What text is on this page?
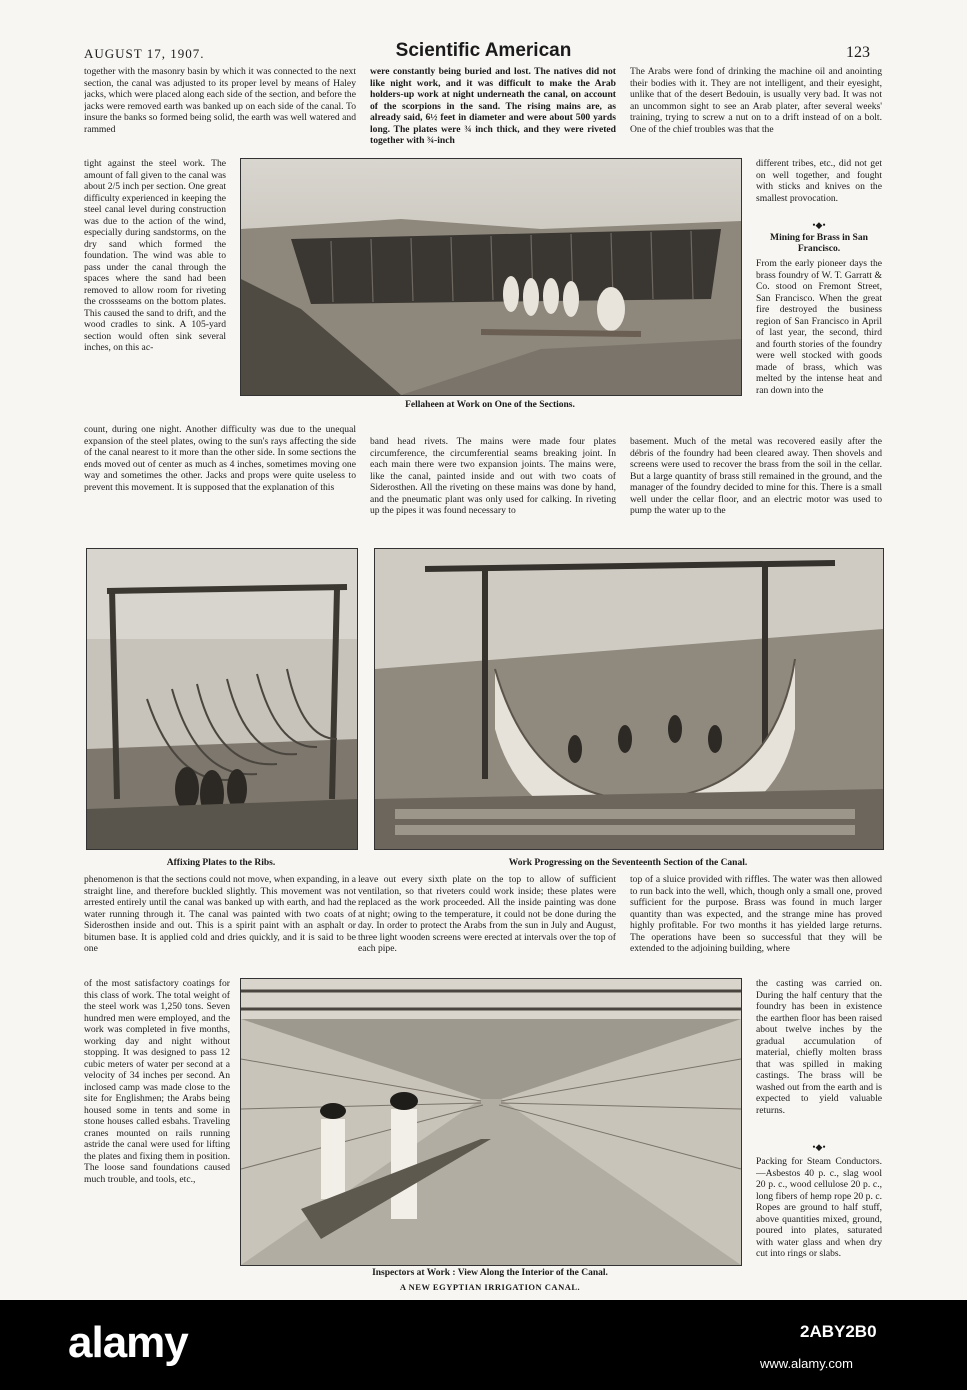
AUGUST 17, 1907.	Scientific American	123

together with the masonry basin by which it was connected to the next section, the canal was adjusted to its proper level by means of Haley jacks, which were placed along each side of the section, and before the jacks were removed earth was banked up on each side of the canal. To insure the banks so formed being solid, the earth was well watered and rammed

tight against the steel work. The amount of fall given to the canal was about 2/5 inch per section. One great difficulty experienced in keeping the steel canal level during construction was due to the action of the wind, especially during sandstorms, on the dry sand which formed the foundation. The wind was able to pass under the canal through the spaces where the sand had been removed to allow room for riveting the crossseams on the bottom plates. This caused the sand to drift, and the wood cradles to sink. A 105-yard section would often sink several inches, on this ac-

count, during one night. Another difficulty was due to the unequal expansion of the steel plates, owing to the sun's rays affecting the side of the canal nearest to it more than the other side. In some sections the ends moved out of center as much as 4 inches, sometimes moving one way and sometimes the other. Jacks and props were quite useless to prevent this movement. It is supposed that the explanation of this

were constantly being buried and lost. The natives did not like night work, and it was difficult to make the Arab holders-up work at night underneath the canal, on account of the scorpions in the sand. The rising mains are, as already said, 6½ feet in diameter and were about 500 yards long. The plates were ¾ inch thick, and they were riveted together with ¾-inch

The Arabs were fond of drinking the machine oil and anointing their bodies with it. They are not intelligent, and their eyesight, unlike that of the desert Bedouin, is usually very bad. It was not an uncommon sight to see an Arab plater, after several weeks' training, trying to screw a nut on to a drift instead of on a bolt. One of the chief troubles was that the

different tribes, etc., did not get on well together, and fought with sticks and knives on the smallest provocation.

•◆•

Mining for Brass in San Francisco.

From the early pioneer days the brass foundry of W. T. Garratt & Co. stood on Fremont Street, San Francisco. When the great fire destroyed the business region of San Francisco in April of last year, the second, third and fourth stories of the foundry were well stocked with goods made of brass, which was melted by the intense heat and ran down into the

Fellaheen at Work on One of the Sections.

band head rivets. The mains were made four plates circumference, the circumferential seams breaking joint. In each main there were two expansion joints. The mains were, like the canal, painted inside and out with two coats of Siderosthen. All the riveting on these mains was done by hand, and the pneumatic plant was only used for calking. In riveting up the pipes it was found necessary to

basement. Much of the metal was recovered easily after the débris of the foundry had been cleared away. Then shovels and screens were used to recover the brass from the soil in the cellar. But a large quantity of brass still remained in the ground, and the manager of the foundry decided to mine for this. There is a small well under the cellar floor, and an electric motor was used to pump the water up to the

Affixing Plates to the Ribs.	Work Progressing on the Seventeenth Section of the Canal.

phenomenon is that the sections could not move, when expanding, in a straight line, and therefore buckled slightly. This movement was not arrested entirely until the canal was banked up with earth, and had the water running through it. The canal was painted with two coats of Siderosthen inside and out. This is a spirit paint with an asphalt or bitumen base. It is applied cold and dries quickly, and it is said to be one

of the most satisfactory coatings for this class of work. The total weight of the steel work was 1,250 tons. Seven hundred men were employed, and the work was completed in five months, working day and night without stopping. It was designed to pass 12 cubic meters of water per second at a velocity of 34 inches per second. An inclosed camp was made close to the site for Englishmen; the Arabs being housed some in tents and some in stone houses called esbahs. Traveling cranes mounted on rails running astride the canal were used for lifting the plates and fixing them in position. The loose sand foundations caused much trouble, and tools, etc.,

leave out every sixth plate on the top to allow of sufficient ventilation, so that riveters could work inside; these plates were replaced as the work proceeded. All the inside painting was done at night; owing to the temperature, it could not be done during the day. In order to protect the Arabs from the sun in July and August, three light wooden screens were erected at intervals over the top of each pipe.

top of a sluice provided with riffles. The water was then allowed to run back into the well, which, though only a small one, proved sufficient for the purpose. Brass was found in much larger quantity than was expected, and the strange mine has proved highly profitable. For two months it has yielded large returns. The operations have been so successful that they will be extended to the adjoining building, where

the casting was carried on. During the half century that the foundry has been in existence the earthen floor has been raised about twelve inches by the gradual accumulation of material, chiefly molten brass that was spilled in making castings. The brass will be washed out from the earth and is expected to yield valuable returns.

•◆•

Packing for Steam Conductors.—Asbestos 40 p. c., slag wool 20 p. c., wood cellulose 20 p. c., long fibers of hemp rope 20 p. c. Ropes are ground to half stuff, above quantities mixed, ground, poured into plates, saturated with water glass and when dry cut into rings or slabs.

Inspectors at Work : View Along the Interior of the Canal.

A NEW EGYPTIAN IRRIGATION CANAL.

alamy	2ABY2B0
www.alamy.com
